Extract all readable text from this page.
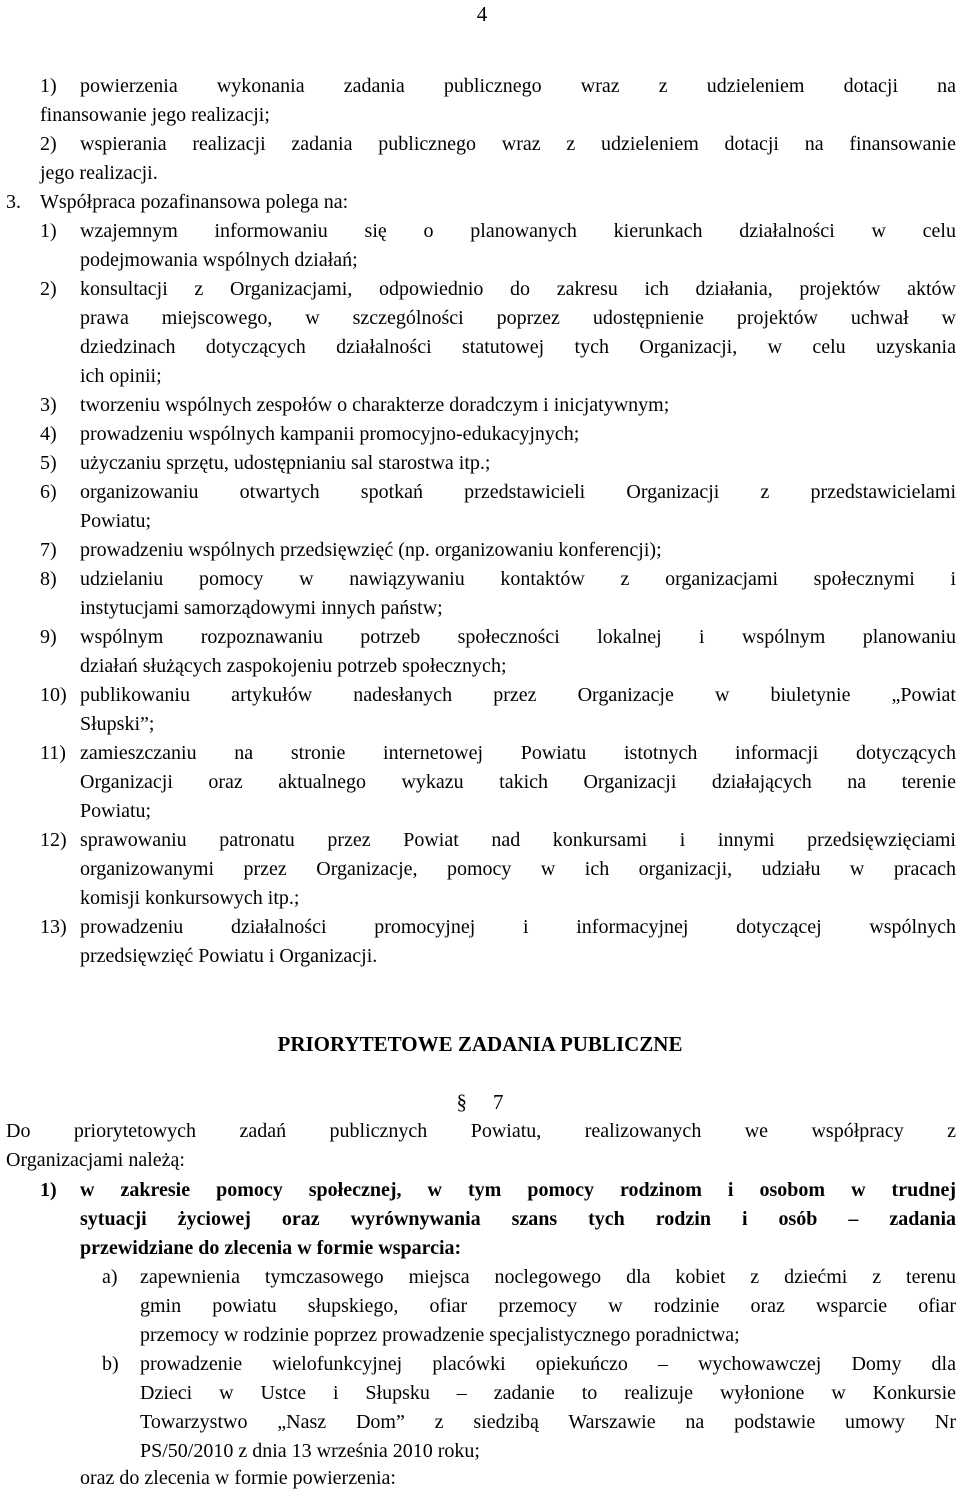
4
1) powierzenia wykonania zadania publicznego wraz z udzieleniem dotacji na
finansowanie jego realizacji;
2) wspierania realizacji zadania publicznego wraz z udzieleniem dotacji na finansowanie
jego realizacji.
3. Współpraca pozafinansowa polega na:
1) wzajemnym informowaniu się o planowanych kierunkach działalności w celu
podejmowania wspólnych działań;
2) konsultacji z Organizacjami, odpowiednio do zakresu ich działania, projektów aktów
prawa miejscowego, w szczególności poprzez udostępnienie projektów uchwał w
dziedzinach dotyczących działalności statutowej tych Organizacji, w celu uzyskania
ich opinii;
3) tworzeniu wspólnych zespołów o charakterze doradczym i inicjatywnym;
4) prowadzeniu wspólnych kampanii promocyjno-edukacyjnych;
5) użyczaniu sprzętu, udostępnianiu sal starostwa itp.;
6) organizowaniu otwartych spotkań przedstawicieli Organizacji z przedstawicielami
Powiatu;
7) prowadzeniu wspólnych przedsięwzięć (np. organizowaniu konferencji);
8) udzielaniu pomocy w nawiązywaniu kontaktów z organizacjami społecznymi i
instytucjami samorządowymi innych państw;
9) wspólnym rozpoznawaniu potrzeb społeczności lokalnej i wspólnym planowaniu
działań służących zaspokojeniu potrzeb społecznych;
10) publikowaniu artykułów nadesłanych przez Organizacje w biuletynie „Powiat
Słupski”;
11) zamieszczaniu na stronie internetowej Powiatu istotnych informacji dotyczących
Organizacji oraz aktualnego wykazu takich Organizacji działających na terenie
Powiatu;
12) sprawowaniu patronatu przez Powiat nad konkursami i innymi przedsięwzięciami
organizowanymi przez Organizacje, pomocy w ich organizacji, udziału w pracach
komisji konkursowych itp.;
13) prowadzeniu działalności promocyjnej i informacyjnej dotyczącej wspólnych
przedsięwzięć Powiatu i Organizacji.
PRIORYTETOWE ZADANIA PUBLICZNE
§ 7
Do priorytetowych zadań publicznych Powiatu, realizowanych we współpracy z
Organizacjami należą:
1) w zakresie pomocy społecznej, w tym pomocy rodzinom i osobom w trudnej
sytuacji życiowej oraz wyrównywania szans tych rodzin i osób – zadania
przewidziane do zlecenia w formie wsparcia:
a) zapewnienia tymczasowego miejsca noclegowego dla kobiet z dziećmi z terenu
gmin powiatu słupskiego, ofiar przemocy w rodzinie oraz wsparcie ofiar
przemocy w rodzinie poprzez prowadzenie specjalistycznego poradnictwa;
b) prowadzenie wielofunkcyjnej placówki opiekuńczo – wychowawczej Domy dla
Dzieci w Ustce i Słupsku – zadanie to realizuje wyłonione w Konkursie
Towarzystwo „Nasz Dom” z siedzibą Warszawie na podstawie umowy Nr
PS/50/2010 z dnia 13 września 2010 roku;
oraz do zlecenia w formie powierzenia:
